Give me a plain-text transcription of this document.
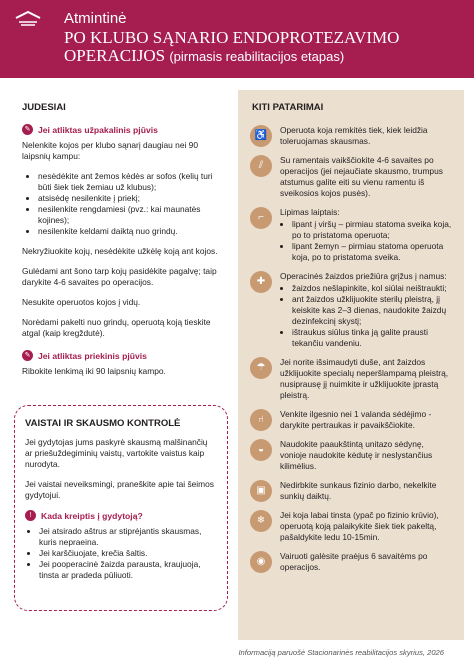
Atmintinė
PO KLUBO SĄNARIO ENDOPROTEZAVIMO OPERACIJOS (pirmasis reabilitacijos etapas)
JUDESIAI
✎ Jei atliktas užpakalinis pjūvis

Nelenkite kojos per klubo sąnarį daugiau nei 90 laipsnių kampu:

• nesėdėkite ant žemos kėdės ar sofos (kelių turi būti šiek tiek žemiau už klubus);
• atsisėdę nesilenkite į priekį;
• nesilenkite rengdamiesi (pvz.: kai maunatės kojines);
• nesilenkite keldami daiktą nuo grindų.

Nekryžiuokite kojų, nesėdėkite užkėlę koją ant kojos.

Gulėdami ant šono tarp kojų pasidėkite pagalvę; taip darykite 4-6 savaites po operacijos.

Nesukite operuotos kojos į vidų.

Norėdami pakelti nuo grindų, operuotą koją tieskite atgal (kaip kregždutė).

✎ Jei atliktas priekinis pjūvis

Ribokite lenkimą iki 90 laipsnių kampo.

VAISTAI IR SKAUSMO KONTROLĖ

Jei gydytojas jums paskyrė skausmą malšinančių ar priešuždegiminių vaistų, vartokite vaistus kaip nurodyta.

Jei vaistai neveiksmingi, praneškite apie tai šeimos gydytojui.

!	Kada kreiptis į gydytoją?
• Jei atsirado aštrus ar stiprėjantis skausmas, kuris nepraeina.
• Jei karščiuojate, krečia šaltis.
• Jei pooperacinė žaizda parausta, kraujuoja, tinsta ar pradeda pūliuoti.
KITI PATARIMAI
♿	Operuota koja remkitės tiek, kiek leidžia toleruojamas skausmas.
⫽	Su ramentais vaikščiokite 4-6 savaites po operacijos (jei nejaučiate skausmo, trumpus atstumus galite eiti su vienu ramentu iš sveikosios kojos pusės).
⌐	Lipimas laiptais:
• lipant į viršų – pirmiau statoma sveika koja, po to pristatoma operuota;
• lipant žemyn – pirmiau statoma operuota koja, po to pristatoma sveika.
✚	Operacinės žaizdos priežiūra grįžus į namus:
• žaizdos nešlapinkite, kol siūlai neištraukti;
• ant žaizdos užklijuokite sterilų pleistrą, jį keiskite kas 2–3 dienas, naudokite žaizdų dezinfekcinį skystį;
• ištraukus siūlus tinka ją galite prausti tekančiu vandeniu.
☂	Jei norite išsimaudyti duše, ant žaizdos užklijuokite specialų neperšlampamą pleistrą, nusiprausę jį nuimkite ir užklijuokite įprastą pleistrą.
⑁	Venkite ilgesnio nei 1 valanda sėdėjimo - darykite pertraukas ir pavaikščiokite.
◒	Naudokite paaukštintą unitazo sėdynę, vonioje naudokite kėdutę ir neslystančius kilimėlius.
▣	Nedirbkite sunkaus fizinio darbo, nekelkite sunkių daiktų.
❄	Jei koja labai tinsta (ypač po fizinio krūvio), operuotą koją palaikykite šiek tiek pakeltą, pašaldykite ledu 10-15min.
◉	Vairuoti galėsite praėjus 6 savaitėms po operacijos.
Informaciją paruošė Stacionarinės reabilitacijos skyrius, 2026
